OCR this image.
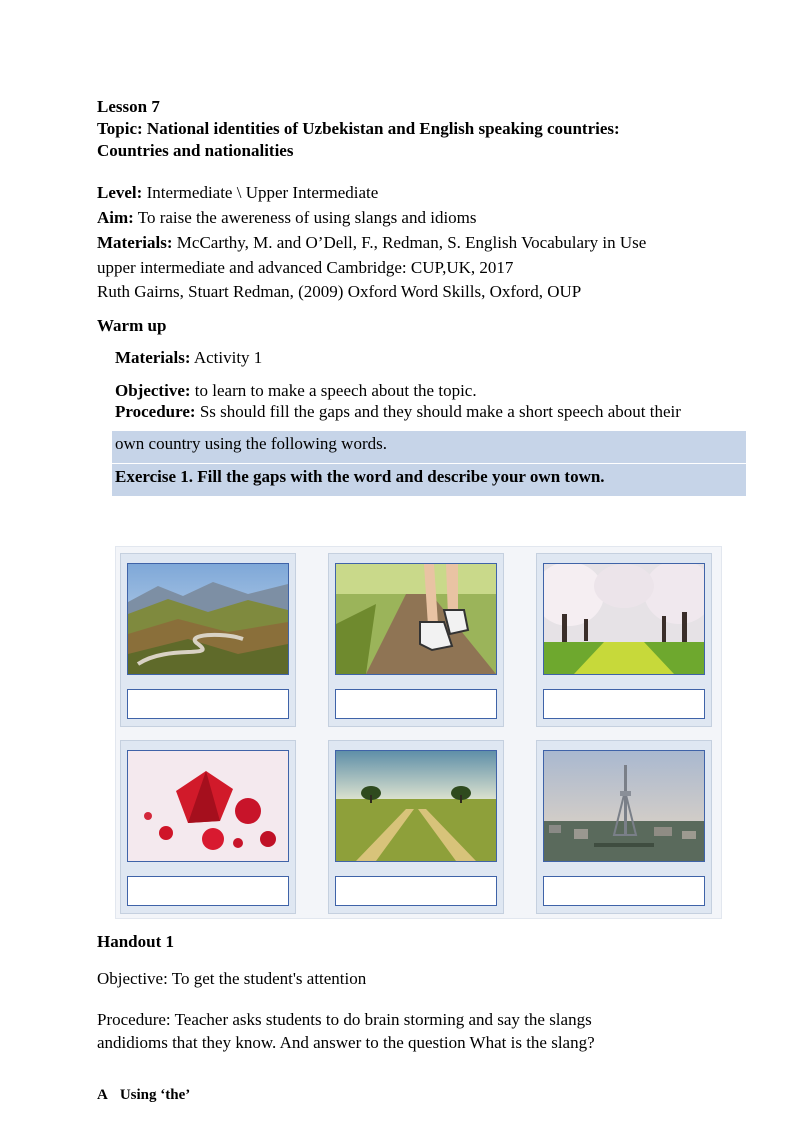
Lesson 7
Topic: National identities of Uzbekistan and English speaking countries:
Countries and nationalities
Level: Intermediate \ Upper Intermediate
Aim: To raise the awereness of using slangs and idioms
Materials: McCarthy, M. and O’Dell, F., Redman, S. English Vocabulary in Use
upper intermediate and advanced Cambridge: CUP,UK, 2017
Ruth Gairns, Stuart Redman, (2009) Oxford Word Skills, Oxford, OUP
Warm up
Materials: Activity 1
Objective: to learn to make a speech about the topic.
Procedure: Ss should fill the gaps and they should make a short speech about their
own country using the following words.
Exercise 1. Fill the gaps with the word and describe your own town.
Handout 1
Objective: To get the student's attention
Procedure: Teacher asks students to do brain storming and say the slangs
andidioms that they know. And answer to the question What is the slang?
A Using ‘the’
